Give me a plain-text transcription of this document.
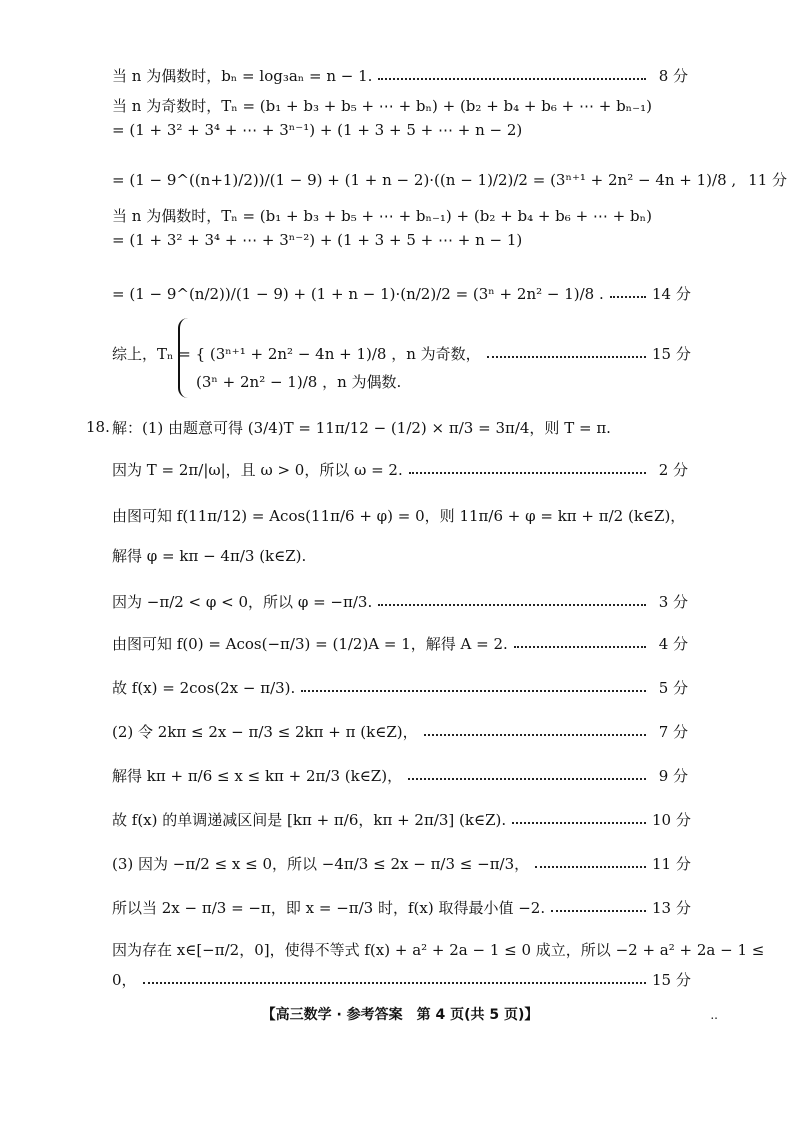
当 n 为偶数时，bₙ = log₃aₙ = n − 1.	8 分
当 n 为奇数时，Tₙ = (b₁ + b₃ + b₅ + ⋯ + bₙ) + (b₂ + b₄ + b₆ + ⋯ + bₙ₋₁)
= (1 + 3² + 3⁴ + ⋯ + 3ⁿ⁻¹) + (1 + 3 + 5 + ⋯ + n − 2)
= (1 − 9^((n+1)/2))/(1 − 9) + (1 + n − 2)·((n − 1)/2)/2 = (3ⁿ⁺¹ + 2n² − 4n + 1)/8 , 11 分
当 n 为偶数时，Tₙ = (b₁ + b₃ + b₅ + ⋯ + bₙ₋₁) + (b₂ + b₄ + b₆ + ⋯ + bₙ)
= (1 + 3² + 3⁴ + ⋯ + 3ⁿ⁻²) + (1 + 3 + 5 + ⋯ + n − 1)
= (1 − 9^(n/2))/(1 − 9) + (1 + n − 1)·(n/2)/2 = (3ⁿ + 2n² − 1)/8 .	14 分
综上，Tₙ = { (3ⁿ⁺¹ + 2n² − 4n + 1)/8 ，n 为奇数，	15 分
(3ⁿ + 2n² − 1)/8 ，n 为偶数.
18. 解：(1) 由题意可得 (3/4)T = 11π/12 − (1/2) × π/3 = 3π/4，则 T = π.
因为 T = 2π/|ω|，且 ω > 0，所以 ω = 2.	2 分
由图可知 f(11π/12) = Acos(11π/6 + φ) = 0，则 11π/6 + φ = kπ + π/2 (k∈Z)，
解得 φ = kπ − 4π/3 (k∈Z).
因为 −π/2 < φ < 0，所以 φ = −π/3.	3 分
由图可知 f(0) = Acos(−π/3) = (1/2)A = 1，解得 A = 2.	4 分
故 f(x) = 2cos(2x − π/3).	5 分
(2) 令 2kπ ≤ 2x − π/3 ≤ 2kπ + π (k∈Z)，	7 分
解得 kπ + π/6 ≤ x ≤ kπ + 2π/3 (k∈Z)，	9 分
故 f(x) 的单调递减区间是 [kπ + π/6，kπ + 2π/3] (k∈Z).	10 分
(3) 因为 −π/2 ≤ x ≤ 0，所以 −4π/3 ≤ 2x − π/3 ≤ −π/3，	11 分
所以当 2x − π/3 = −π，即 x = −π/3 时，f(x) 取得最小值 −2.	13 分
因为存在 x∈[−π/2，0]，使得不等式 f(x) + a² + 2a − 1 ≤ 0 成立，所以 −2 + a² + 2a − 1 ≤
0，	15 分
【高三数学 · 参考答案　第 4 页(共 5 页)】	..
